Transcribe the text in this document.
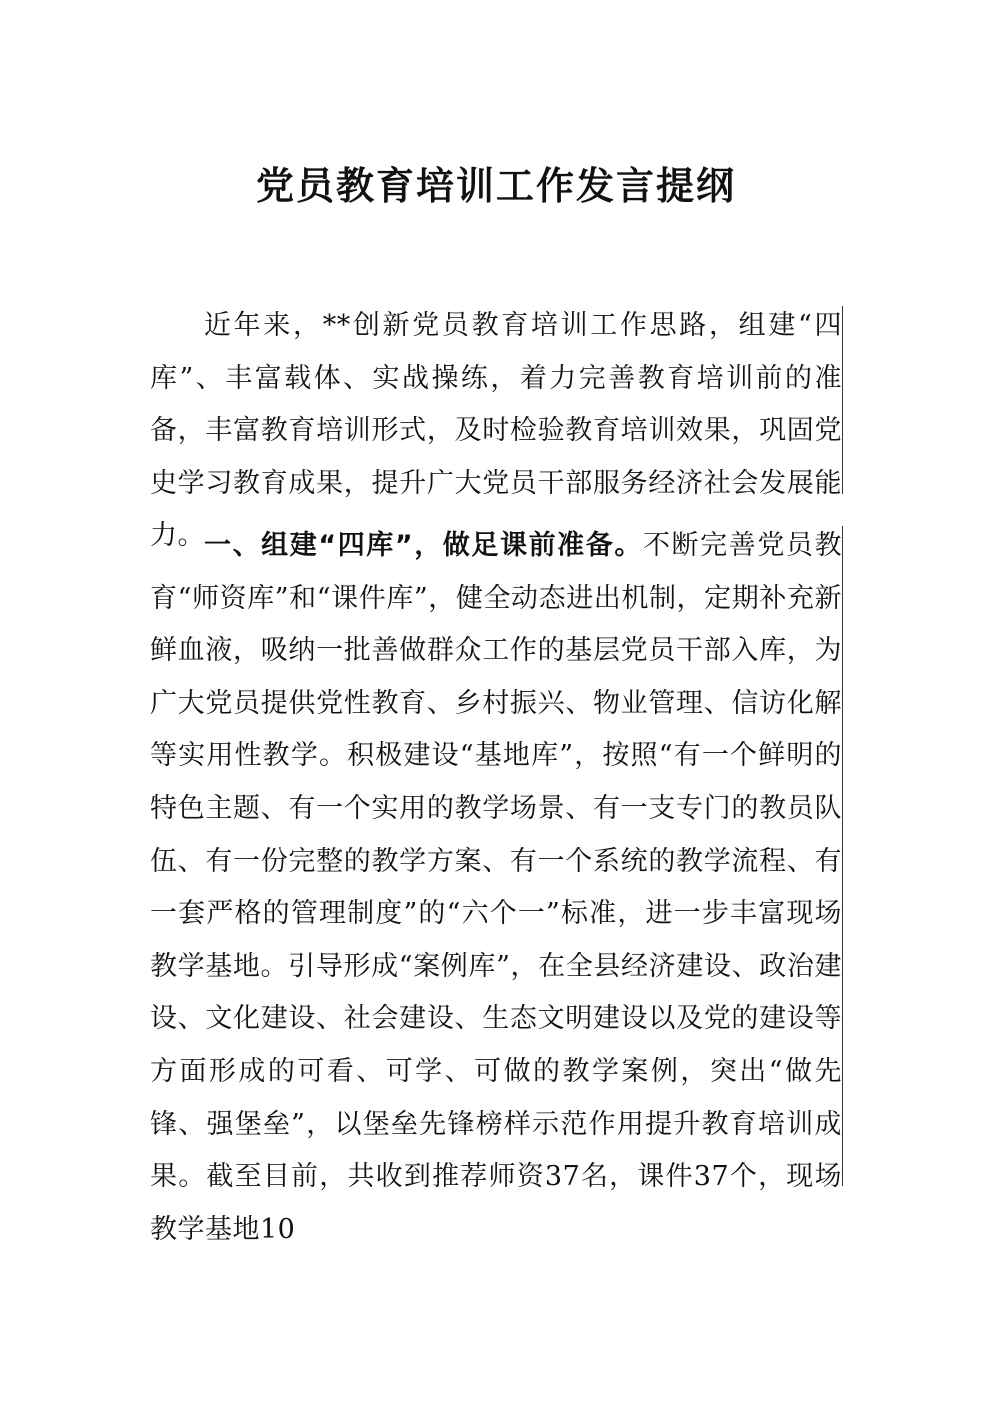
党员教育培训工作发言提纲

近年来，**创新党员教育培训工作思路，组建“四库”、丰富载体、实战操练，着力完善教育培训前的准备，丰富教育培训形式，及时检验教育培训效果，巩固党史学习教育成果，提升广大党员干部服务经济社会发展能力。 一、组建“四库”，做足课前准备。不断完善党员教育“师资库”和“课件库”，健全动态进出机制，定期补充新鲜血液，吸纳一批善做群众工作的基层党员干部入库，为广大党员提供党性教育、乡村振兴、物业管理、信访化解等实用性教学。积极建设“基地库”，按照“有一个鲜明的特色主题、有一个实用的教学场景、有一支专门的教员队伍、有一份完整的教学方案、有一个系统的教学流程、有一套严格的管理制度”的“六个一”标准，进一步丰富现场教学基地。引导形成“案例库”，在全县经济建设、政治建设、文化建设、社会建设、生态文明建设以及党的建设等方面形成的可看、可学、可做的教学案例，突出“做先锋、强堡垒”，以堡垒先锋榜样示范作用提升教育培训成果。截至目前，共收到推荐师资37名，课件37个，现场教学基地10
